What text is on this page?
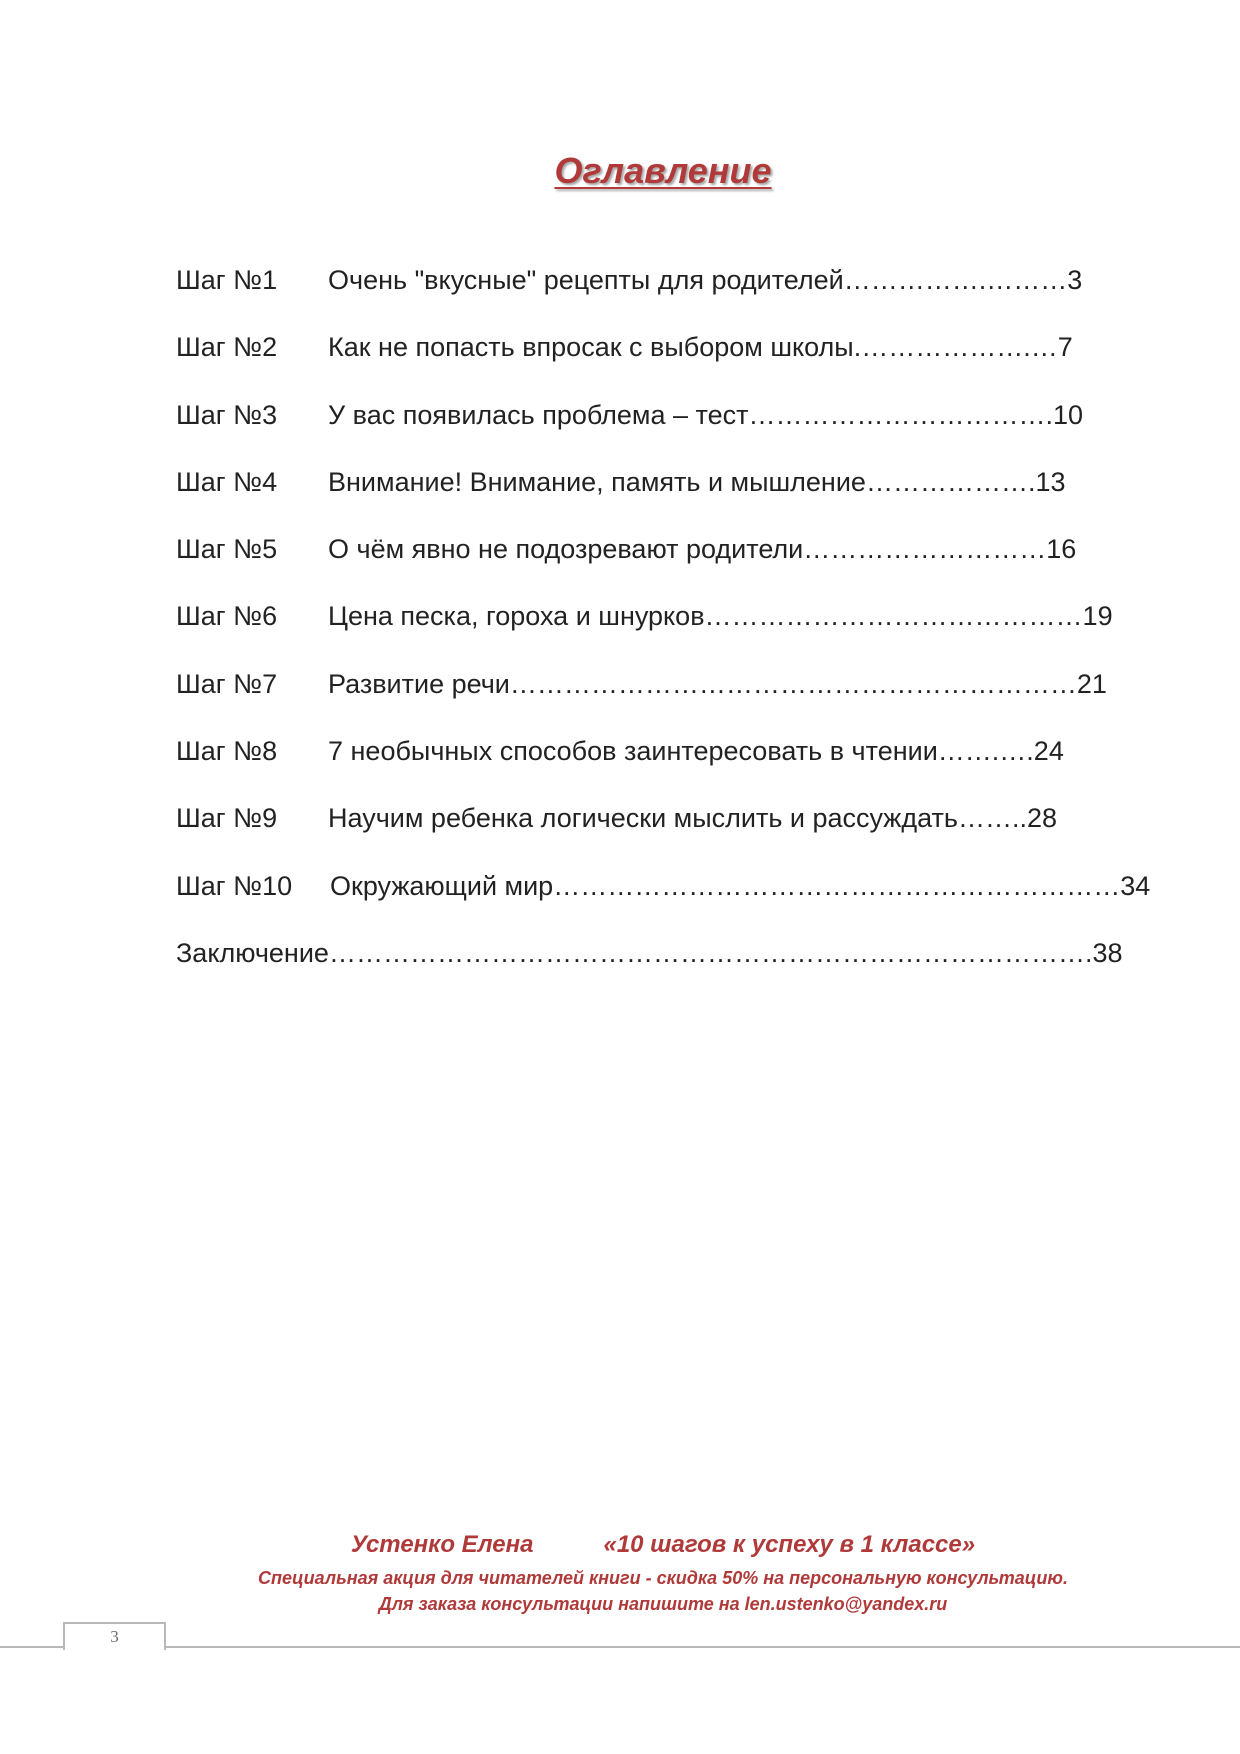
Оглавление
Шаг №1 Очень "вкусные" рецепты для родителей…………….………3
Шаг №2 Как не попасть впросак с выбором школы.……………….…7
Шаг №3 У вас появилась проблема – тест…………………………….10
Шаг №4 Внимание! Внимание, память и мышление……………….13
Шаг №5 О чём явно не подозревают родители………………………16
Шаг №6 Цена песка, гороха и шнурков……………………………………19
Шаг №7 Развитие речи………………………………………………………21
Шаг №8 7 необычных способов заинтересовать в чтении…….….24
Шаг №9 Научим ребенка логически мыслить и рассуждать……..28
Шаг №10 Окружающий мир………………………………………………………34
Заключение………………………………………………………………………….38
Устенко Елена	«10 шагов к успеху в 1 классе»
Специальная акция для читателей книги - скидка 50% на персональную консультацию.
Для заказа консультации напишите на len.ustenko@yandex.ru
3
